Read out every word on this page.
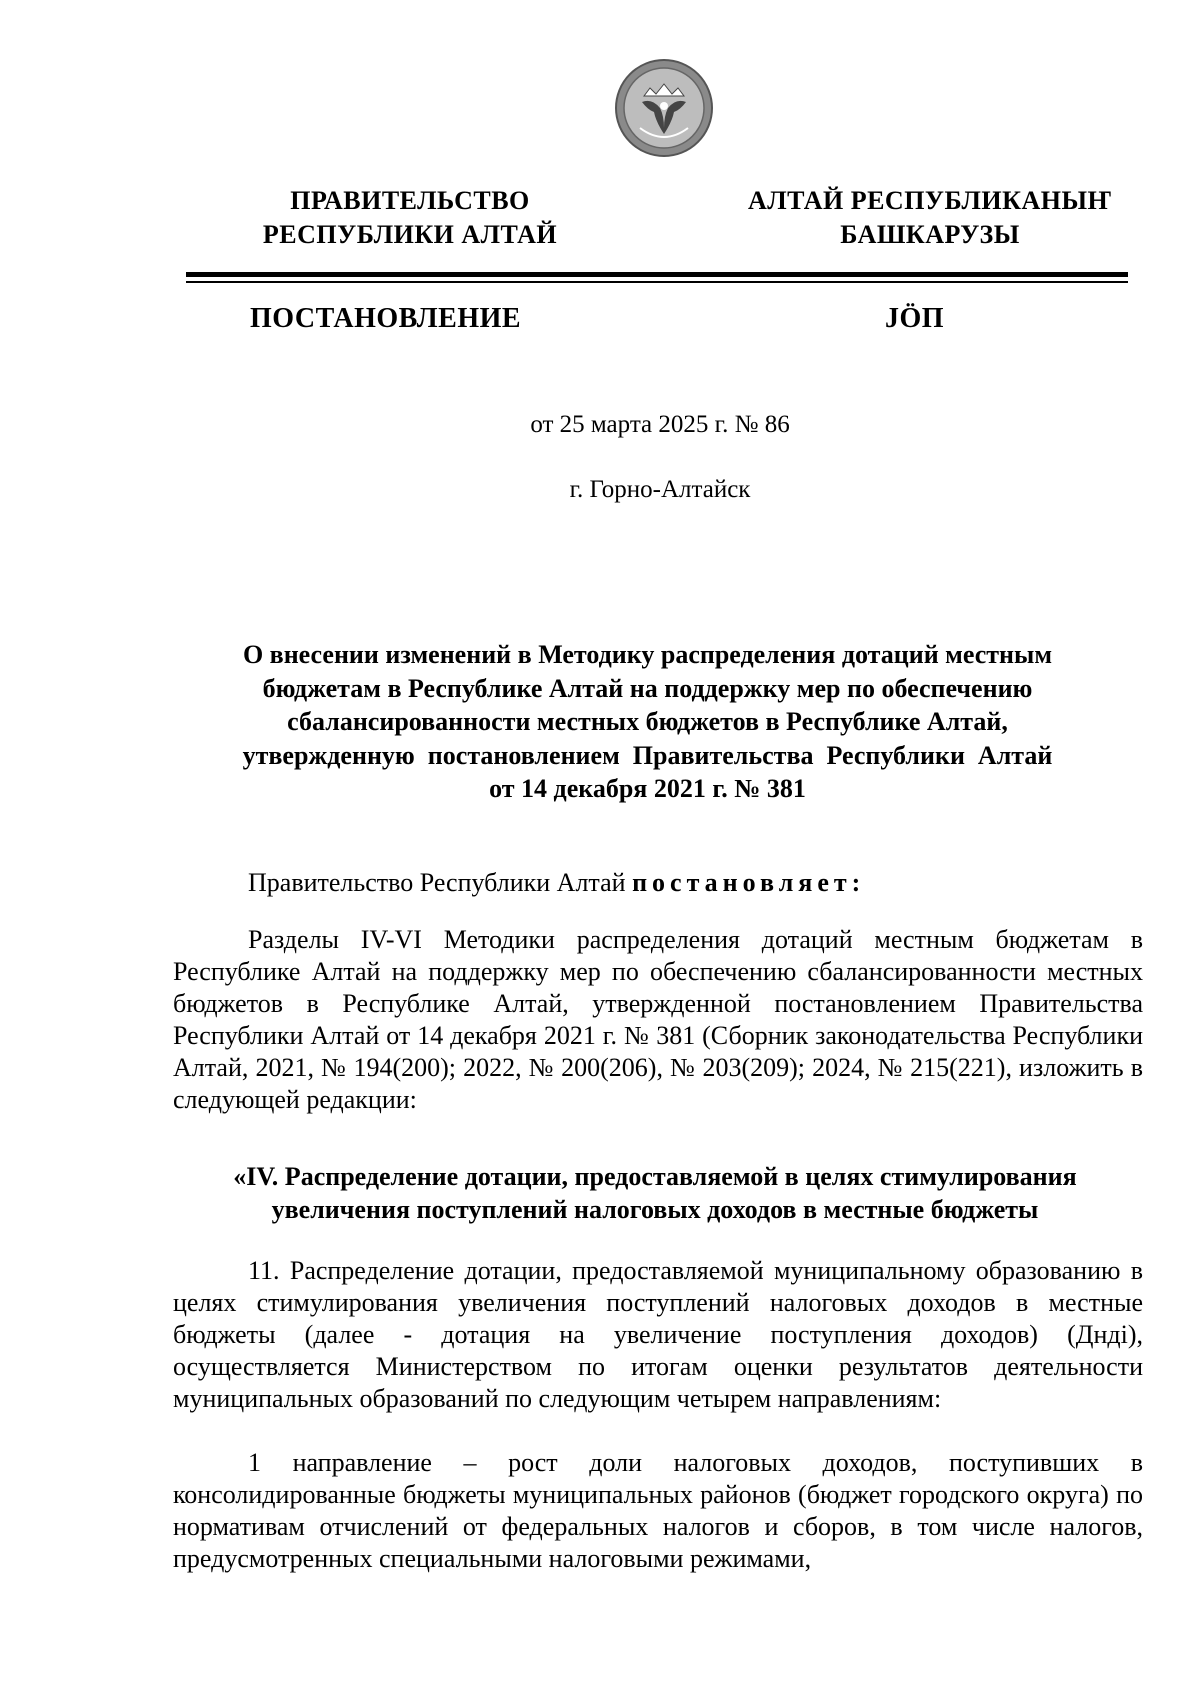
ПРАВИТЕЛЬСТВО
РЕСПУБЛИКИ АЛТАЙ
АЛТАЙ РЕСПУБЛИКАНЫҤ
БАШКАРУЗЫ
ПОСТАНОВЛЕНИЕ	JӦП
от 25 марта 2025 г. № 86
г. Горно-Алтайск
О внесении изменений в Методику распределения дотаций местным
бюджетам в Республике Алтай на поддержку мер по обеспечению
сбалансированности местных бюджетов в Республике Алтай,
утвержденную  постановлением  Правительства  Республики  Алтай
от 14 декабря 2021 г. № 381
Правительство Республики Алтай постановляет:
Разделы IV-VI Методики распределения дотаций местным бюджетам в Республике Алтай на поддержку мер по обеспечению сбалансированности местных бюджетов в Республике Алтай, утвержденной постановлением Правительства Республики Алтай от 14 декабря 2021 г. № 381 (Сборник законодательства Республики Алтай, 2021, № 194(200); 2022, № 200(206), № 203(209); 2024, № 215(221), изложить в следующей редакции:
«IV. Распределение дотации, предоставляемой в целях стимулирования
увеличения поступлений налоговых доходов в местные бюджеты
11. Распределение дотации, предоставляемой муниципальному образованию в целях стимулирования увеличения поступлений налоговых доходов в местные бюджеты (далее - дотация на увеличение поступления доходов) (Днді), осуществляется Министерством по итогам оценки результатов деятельности муниципальных образований по следующим четырем направлениям:
1 направление – рост доли налоговых доходов, поступивших в консолидированные бюджеты муниципальных районов (бюджет городского округа) по нормативам отчислений от федеральных налогов и сборов, в том числе налогов, предусмотренных специальными налоговыми режимами,
